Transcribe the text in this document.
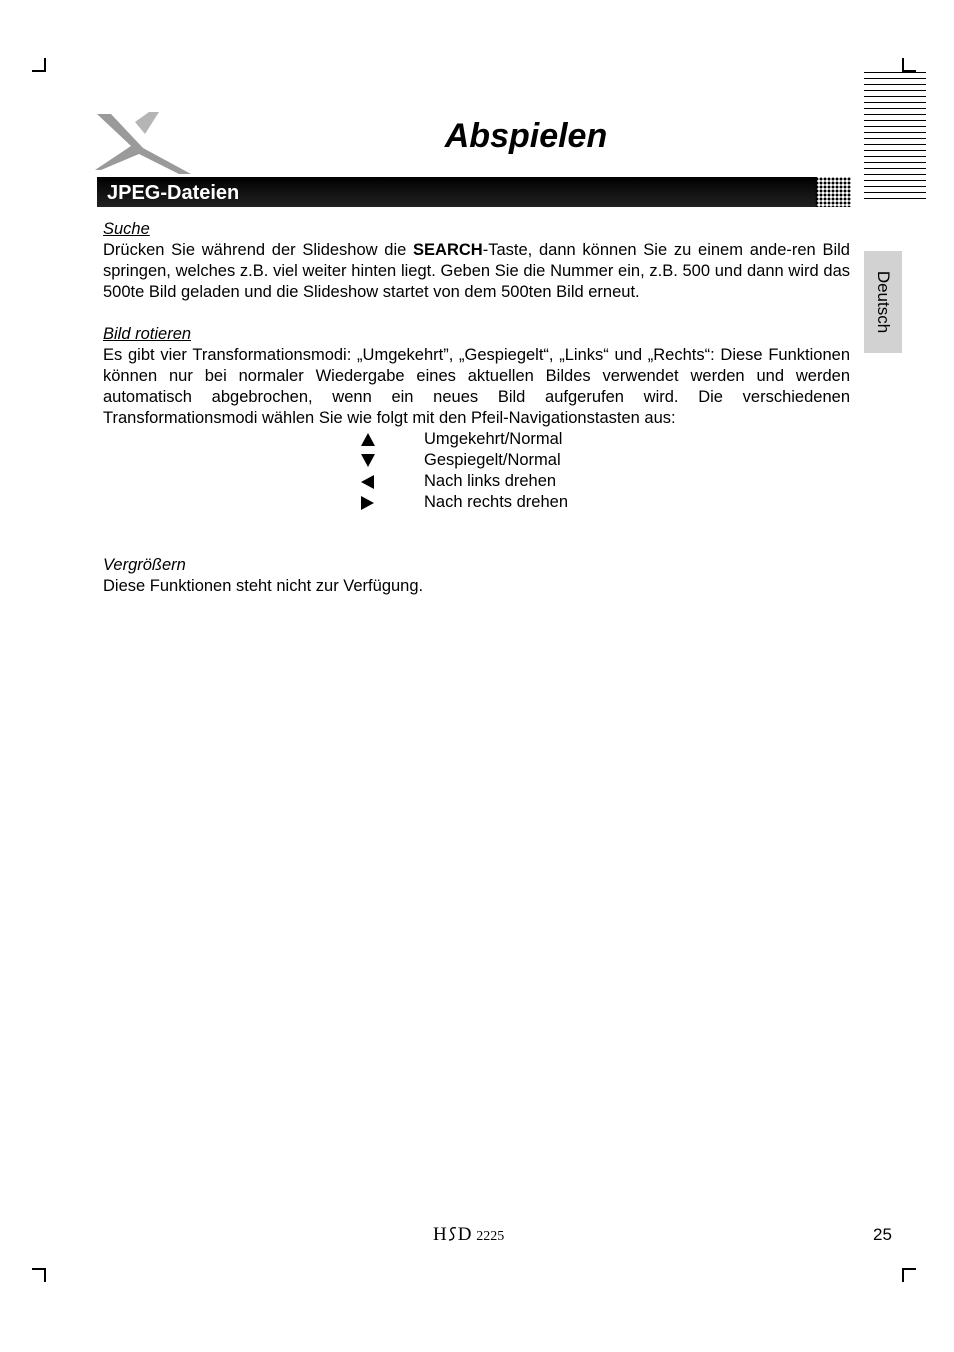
Deutsch
Abspielen
JPEG-Dateien

Suche

Drücken Sie während der Slideshow die SEARCH-Taste, dann können Sie zu einem ande-ren Bild springen, welches z.B. viel weiter hinten liegt. Geben Sie die Nummer ein, z.B. 500 und dann wird das 500te Bild geladen und die Slideshow startet von dem 500ten Bild erneut.

Bild rotieren

Es gibt vier Transformationsmodi: „Umgekehrt”, „Gespiegelt“, „Links“ und „Rechts“: Diese Funktionen können nur bei normaler Wiedergabe eines aktuellen Bildes verwendet werden und werden automatisch abgebrochen, wenn ein neues Bild aufgerufen wird. Die verschiedenen Transformationsmodi wählen Sie wie folgt mit den Pfeil-Navigationstasten aus:

Umgekehrt/Normal
Gespiegelt/Normal
Nach links drehen
Nach rechts drehen

Vergrößern

Diese Funktionen steht nicht zur Verfügung.

H D 2225	25
